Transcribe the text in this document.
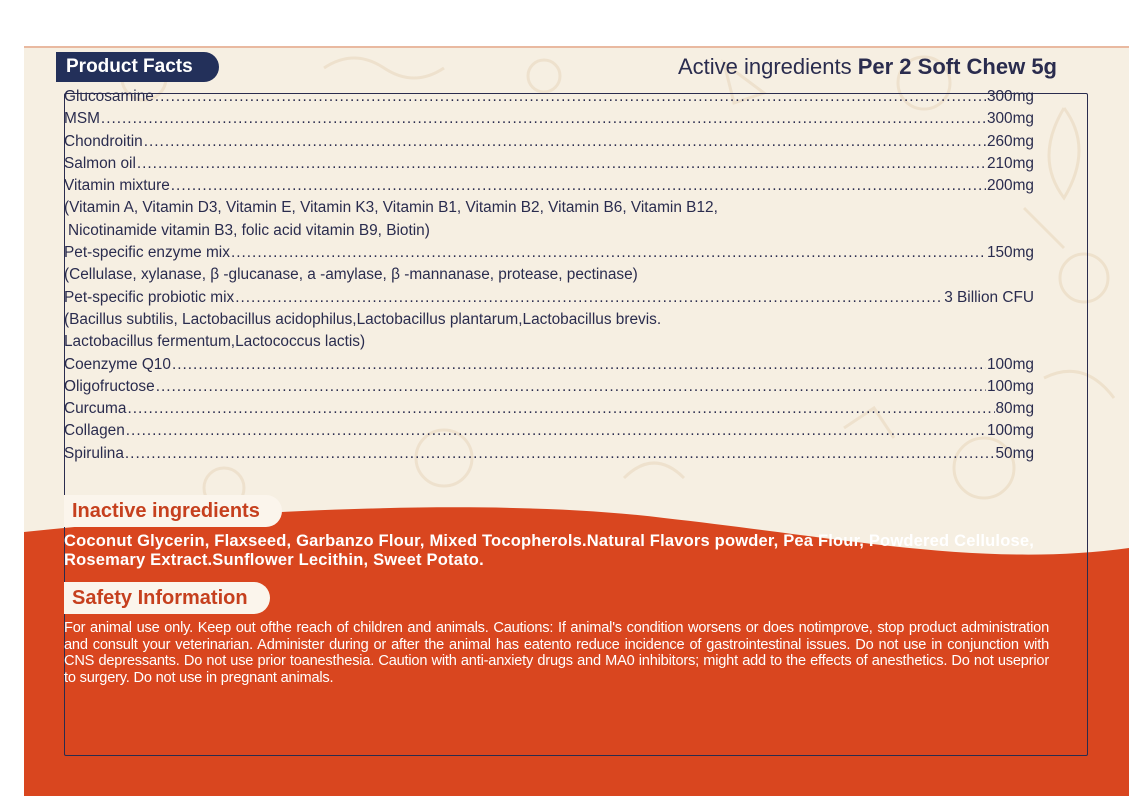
Product Facts	Active ingredients Per 2 Soft Chew 5g
Glucosamine .....	300mg
MSM .....	300mg
Chondroitin .....	260mg
Salmon oil .....	210mg
Vitamin mixture .....	200mg
(Vitamin A, Vitamin D3, Vitamin E, Vitamin K3, Vitamin B1, Vitamin B2, Vitamin B6, Vitamin B12,
Nicotinamide vitamin B3, folic acid vitamin B9, Biotin)
Pet-specific enzyme mix .....	150mg
(Cellulase, xylanase, β -glucanase, a -amylase, β -mannanase, protease, pectinase)
Pet-specific probiotic mix .....	3 Billion CFU
(Bacillus subtilis, Lactobacillus acidophilus,Lactobacillus plantarum,Lactobacillus brevis.
Lactobacillus fermentum,Lactococcus lactis)
Coenzyme Q10 .....	100mg
Oligofructose .....	100mg
Curcuma .....	80mg
Collagen .....	100mg
Spirulina .....	50mg
Inactive ingredients
Coconut Glycerin, Flaxseed, Garbanzo Flour, Mixed Tocopherols.Natural Flavors powder, Pea Flour, Powdered Cellulose, Rosemary Extract.Sunflower Lecithin, Sweet Potato.
Safety Information
For animal use only. Keep out ofthe reach of children and animals. Cautions: If animal's condition worsens or does notimprove, stop product administration and consult your veterinarian. Administer during or after the animal has eatento reduce incidence of gastrointestinal issues. Do not use in conjunction with CNS depressants. Do not use prior toanesthesia. Caution with anti-anxiety drugs and MA0 inhibitors; might add to the effects of anesthetics. Do not useprior to surgery. Do not use in pregnant animals.
